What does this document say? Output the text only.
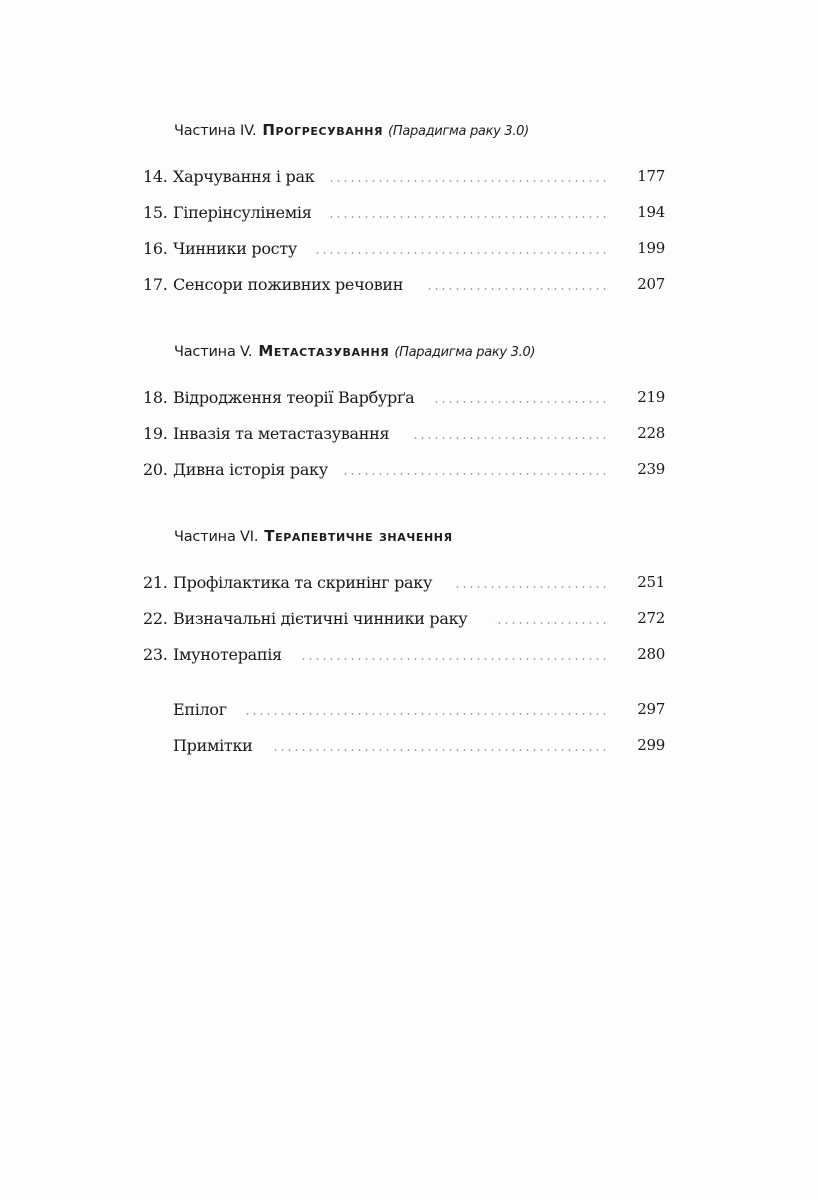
Частина IV. Прогресування (Парадигма раку 3.0)
14. Харчування і рак	177
15. Гіперінсулінемія	194
16. Чинники росту	199
17. Сенсори поживних речовин	207
Частина V. Метастазування (Парадигма раку 3.0)
18. Відродження теорії Варбурґа	219
19. Інвазія та метастазування	228
20. Дивна історія раку	239
Частина VI. Терапевтичне значення
21. Профілактика та скринінг раку	251
22. Визначальні дієтичні чинники раку	272
23. Імунотерапія	280
Епілог	297
Примітки	299
